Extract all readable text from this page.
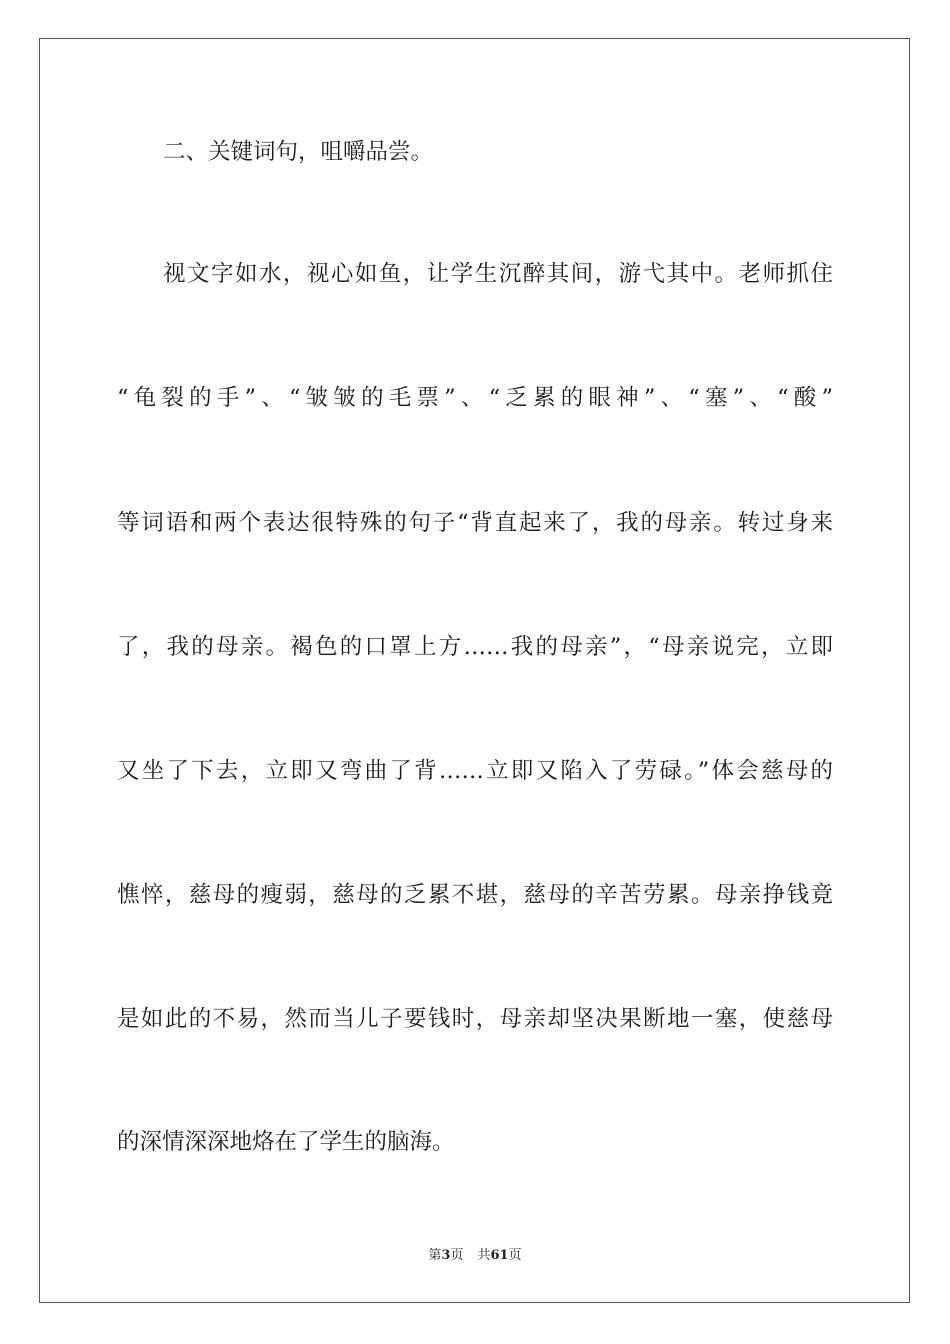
二、关键词句，咀嚼品尝。

视文字如水，视心如鱼，让学生沉醉其间，游弋其中。老师抓住

“龟裂的手”、“皱皱的毛票”、“乏累的眼神”、“塞”、“酸”

等词语和两个表达很特殊的句子“背直起来了，我的母亲。转过身来

了，我的母亲。褐色的口罩上方……我的母亲”，“母亲说完，立即

又坐了下去，立即又弯曲了背……立即又陷入了劳碌。”体会慈母的

憔悴，慈母的瘦弱，慈母的乏累不堪，慈母的辛苦劳累。母亲挣钱竟

是如此的不易，然而当儿子要钱时，母亲却坚决果断地一塞，使慈母

的深情深深地烙在了学生的脑海。

第3页 共61页
